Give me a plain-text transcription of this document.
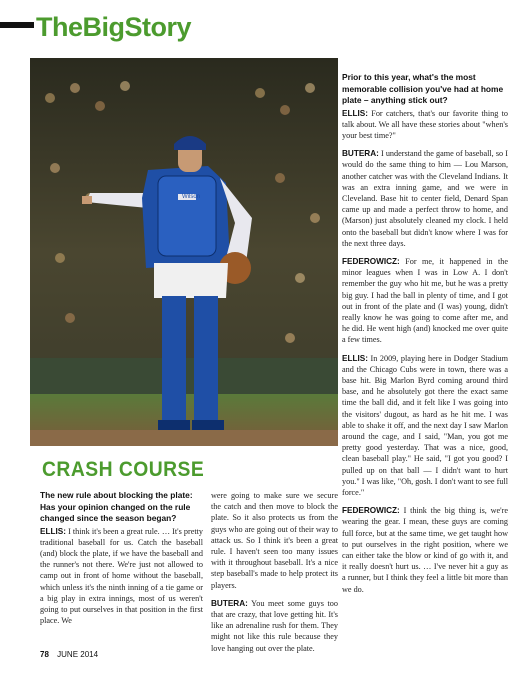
TheBigStory
Wilson
CRASH COURSE

The new rule about blocking the plate: Has your opinion changed on the rule changed since the season began?

ELLIS: I think it's been a great rule. … It's pretty traditional baseball for us. Catch the baseball (and) block the plate, if we have the baseball and the runner's not there. We're just not allowed to camp out in front of home without the baseball, which unless it's the ninth inning of a tie game or a big play in extra innings, most of us weren't going to put ourselves in that position in the first place. We

were going to make sure we secure the catch and then move to block the plate. So it also protects us from the guys who are going out of their way to attack us. So I think it's been a great rule. I haven't seen too many issues with it throughout baseball. It's a nice step baseball's made to help protect its players.

BUTERA: You meet some guys too that are crazy, that love getting hit. It's like an adrenaline rush for them. They might not like this rule because they love hanging out over the plate.

Prior to this year, what's the most memorable collision you've had at home plate – anything stick out?

ELLIS: For catchers, that's our favorite thing to talk about. We all have these stories about "when's your best time?"

BUTERA: I understand the game of baseball, so I would do the same thing to him — Lou Marson, another catcher was with the Cleveland Indians. It was an extra inning game, and we were in Cleveland. Base hit to center field, Denard Span came up and made a perfect throw to home, and (Marson) just absolutely cleaned my clock. I held onto the baseball but didn't know where I was for the next three days.

FEDEROWICZ: For me, it happened in the minor leagues when I was in Low A. I don't remember the guy who hit me, but he was a pretty big guy. I had the ball in plenty of time, and I got out in front of the plate and (I was) young, didn't really know he was going to come after me, and he did. He went high (and) knocked me over quite a few times.

ELLIS: In 2009, playing here in Dodger Stadium and the Chicago Cubs were in town, there was a base hit. Big Marlon Byrd coming around third base, and he absolutely got there the exact same time the ball did, and it felt like I was going into the visitors' dugout, as hard as he hit me. I was able to shake it off, and the next day I saw Marlon around the cage, and I said, "Man, you got me pretty good yesterday. That was a nice, good, clean baseball play." He said, "I got you good? I pulled up on that ball — I didn't want to hurt you." I was like, "Oh, gosh. I don't want to see full force."

FEDEROWICZ: I think the big thing is, we're wearing the gear. I mean, these guys are coming full force, but at the same time, we get taught how to put ourselves in the right position, where we can either take the blow or kind of go with it, and it really doesn't hurt us. … I've never hit a guy as a runner, but I think they feel a little bit more than we do.

78 JUNE 2014
